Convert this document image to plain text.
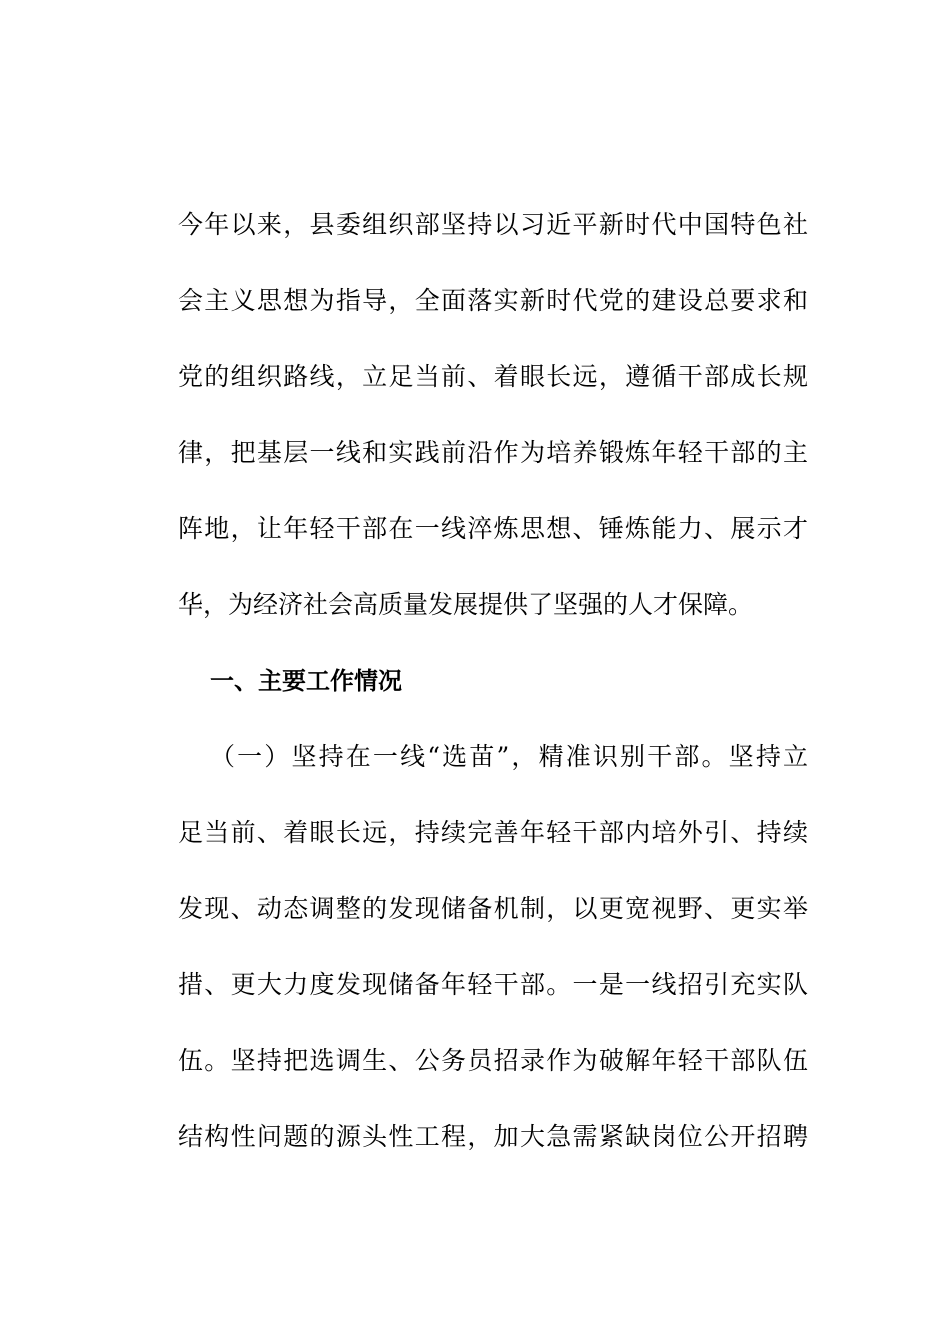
今年以来，县委组织部坚持以习近平新时代中国特色社
会主义思想为指导，全面落实新时代党的建设总要求和
党的组织路线，立足当前、着眼长远，遵循干部成长规
律，把基层一线和实践前沿作为培养锻炼年轻干部的主
阵地，让年轻干部在一线淬炼思想、锤炼能力、展示才
华，为经济社会高质量发展提供了坚强的人才保障。
一、主要工作情况
（一）坚持在一线“选苗”，精准识别干部。坚持立
足当前、着眼长远，持续完善年轻干部内培外引、持续
发现、动态调整的发现储备机制，以更宽视野、更实举
措、更大力度发现储备年轻干部。一是一线招引充实队
伍。坚持把选调生、公务员招录作为破解年轻干部队伍
结构性问题的源头性工程，加大急需紧缺岗位公开招聘
